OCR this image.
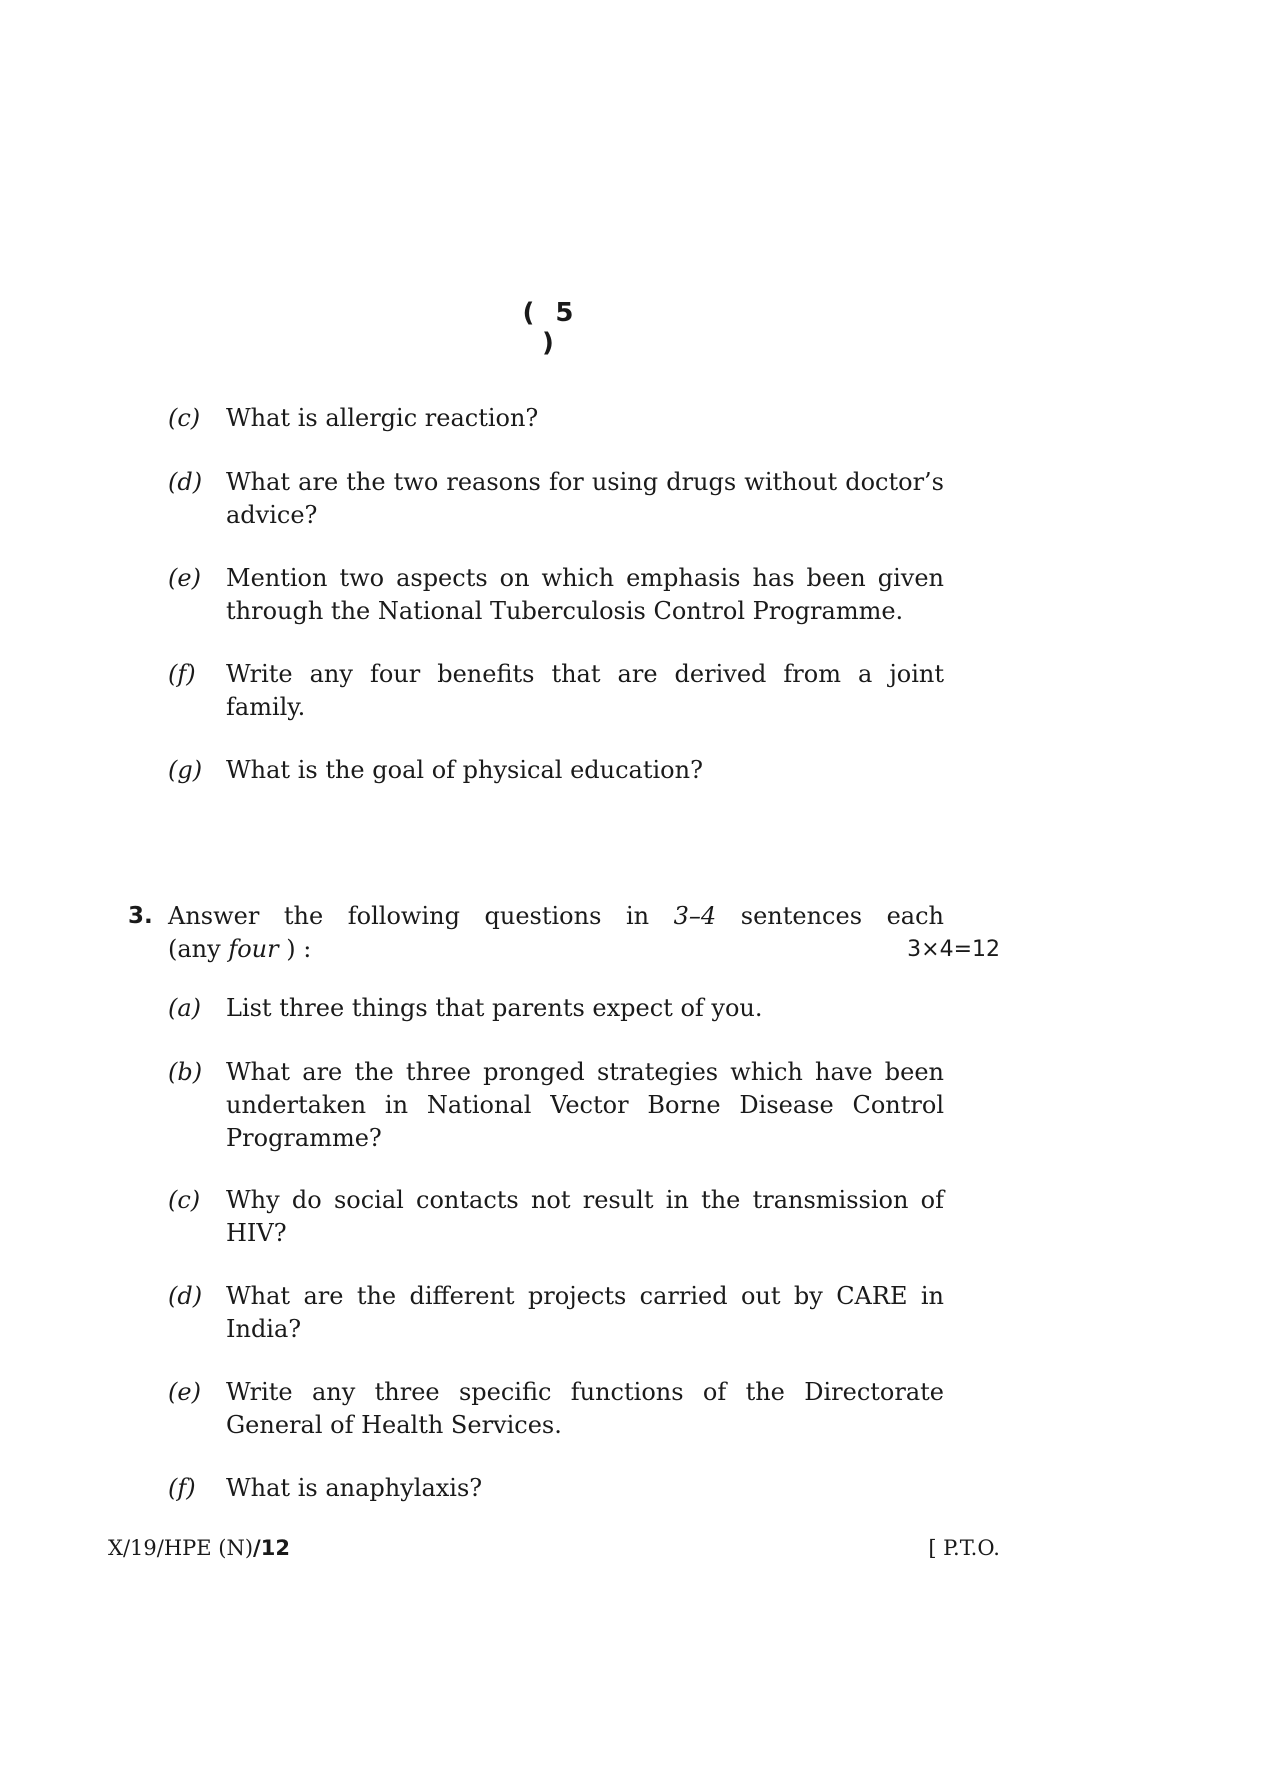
( 5 )
(c) What is allergic reaction?
(d) What are the two reasons for using drugs without doctor’s advice?
(e) Mention two aspects on which emphasis has been given through the National Tuberculosis Control Programme.
(f) Write any four benefits that are derived from a joint family.
(g) What is the goal of physical education?
3. Answer the following questions in 3–4 sentences each
(any four ) :	3×4=12
(a) List three things that parents expect of you.
(b) What are the three pronged strategies which have been undertaken in National Vector Borne Disease Control Programme?
(c) Why do social contacts not result in the transmission of HIV?
(d) What are the different projects carried out by CARE in India?
(e) Write any three specific functions of the Directorate General of Health Services.
(f) What is anaphylaxis?
X/19/HPE (N)/12	[ P.T.O.
